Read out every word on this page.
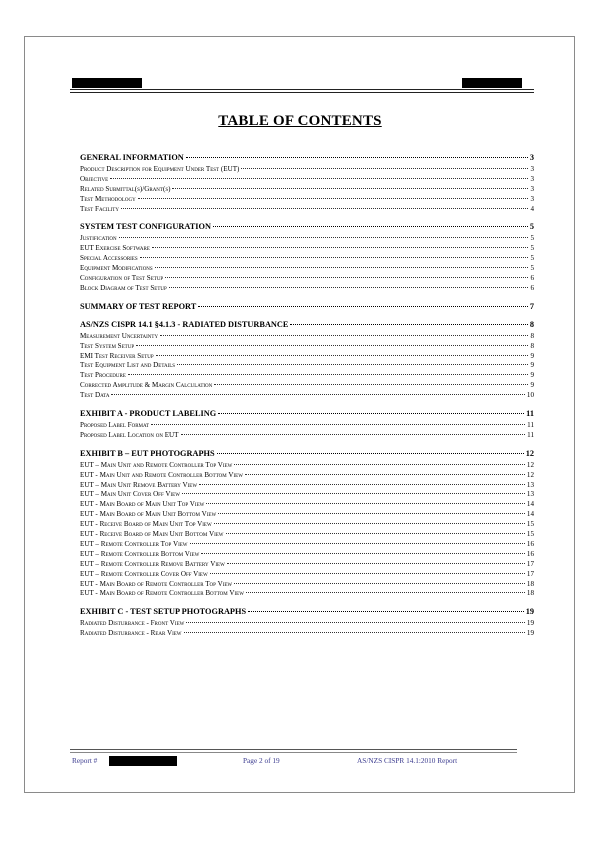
TABLE OF CONTENTS
GENERAL INFORMATION	3
Product Description for Equipment Under Test (EUT)	3
Objective	3
Related Submittal(s)/Grant(s)	3
Test Methodology	3
Test Facility	4
SYSTEM TEST CONFIGURATION	5
Justification	5
EUT Exercise Software	5
Special Accessories	5
Equipment Modifications	5
Configuration of Test Setup	6
Block Diagram of Test Setup	6
SUMMARY OF TEST REPORT	7
AS/NZS CISPR 14.1 §4.1.3 - RADIATED DISTURBANCE	8
Measurement Uncertainty	8
Test System Setup	8
EMI Test Receiver Setup	9
Test Equipment List and Details	9
Test Procedure	9
Corrected Amplitude & Margin Calculation	9
Test Data	10
EXHIBIT A - PRODUCT LABELING	11
Proposed Label Format	11
Proposed Label Location on EUT	11
EXHIBIT B – EUT PHOTOGRAPHS	12
EUT – Main Unit and Remote Controller Top View	12
EUT - Main Unit and Remote Controller Bottom View	12
EUT – Main Unit Remove Battery View	13
EUT – Main Unit Cover Off View	13
EUT - Main Board of Main Unit Top View	14
EUT - Main Board of Main Unit Bottom View	14
EUT - Receive Board of Main Unit Top View	15
EUT - Receive Board of Main Unit Bottom View	15
EUT – Remote Controller Top View	16
EUT – Remote Controller Bottom View	16
EUT – Remote Controller Remove Battery View	17
EUT – Remote Controller Cover Off View	17
EUT - Main Board of Remote Controller Top View	18
EUT - Main Board of Remote Controller Bottom View	18
EXHIBIT C - TEST SETUP PHOTOGRAPHS	19
Radiated Disturbance - Front View	19
Radiated Disturbance - Rear View	19
Report #	Page 2 of 19	AS/NZS CISPR 14.1:2010 Report
